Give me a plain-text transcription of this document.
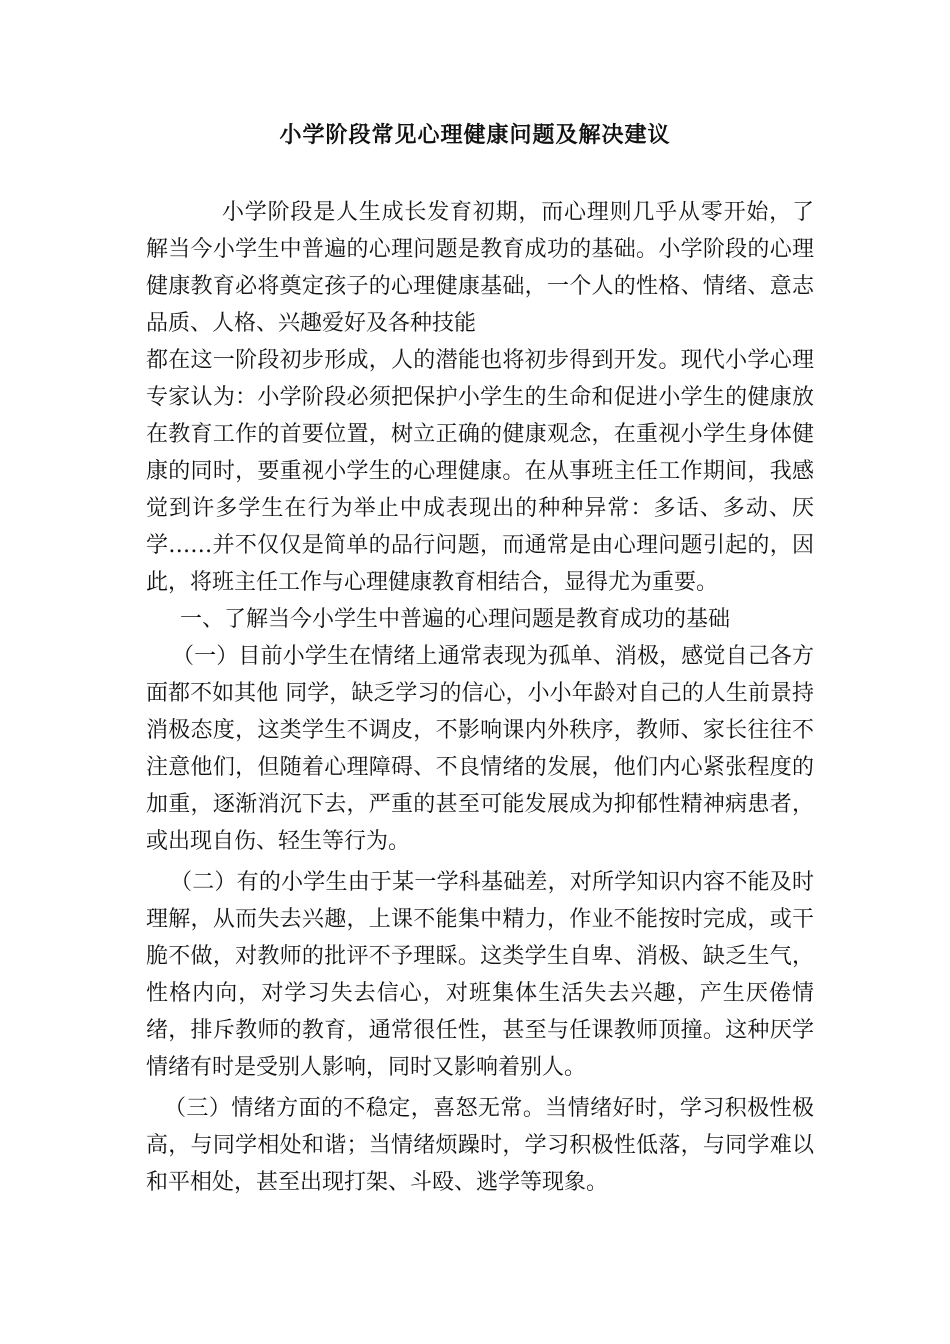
小学阶段常见心理健康问题及解决建议

小学阶段是人生成长发育初期，而心理则几乎从零开始，了解当今小学生中普遍的心理问题是教育成功的基础。小学阶段的心理健康教育必将奠定孩子的心理健康基础，一个人的性格、情绪、意志品质、人格、兴趣爱好及各种技能

都在这一阶段初步形成，人的潜能也将初步得到开发。现代小学心理专家认为：小学阶段必须把保护小学生的生命和促进小学生的健康放在教育工作的首要位置，树立正确的健康观念，在重视小学生身体健康的同时，要重视小学生的心理健康。在从事班主任工作期间，我感觉到许多学生在行为举止中成表现出的种种异常：多话、多动、厌学……并不仅仅是简单的品行问题，而通常是由心理问题引起的，因此，将班主任工作与心理健康教育相结合，显得尤为重要。

一、了解当今小学生中普遍的心理问题是教育成功的基础

（一）目前小学生在情绪上通常表现为孤单、消极，感觉自己各方面都不如其他 同学，缺乏学习的信心，小小年龄对自己的人生前景持消极态度，这类学生不调皮，不影响课内外秩序，教师、家长往往不注意他们，但随着心理障碍、不良情绪的发展，他们内心紧张程度的加重，逐渐消沉下去，严重的甚至可能发展成为抑郁性精神病患者，或出现自伤、轻生等行为。

（二）有的小学生由于某一学科基础差，对所学知识内容不能及时理解，从而失去兴趣，上课不能集中精力，作业不能按时完成，或干脆不做，对教师的批评不予理睬。这类学生自卑、消极、缺乏生气，性格内向，对学习失去信心，对班集体生活失去兴趣，产生厌倦情绪，排斥教师的教育，通常很任性，甚至与任课教师顶撞。这种厌学情绪有时是受别人影响，同时又影响着别人。

（三）情绪方面的不稳定，喜怒无常。当情绪好时，学习积极性极高，与同学相处和谐；当情绪烦躁时，学习积极性低落，与同学难以和平相处，甚至出现打架、斗殴、逃学等现象。
